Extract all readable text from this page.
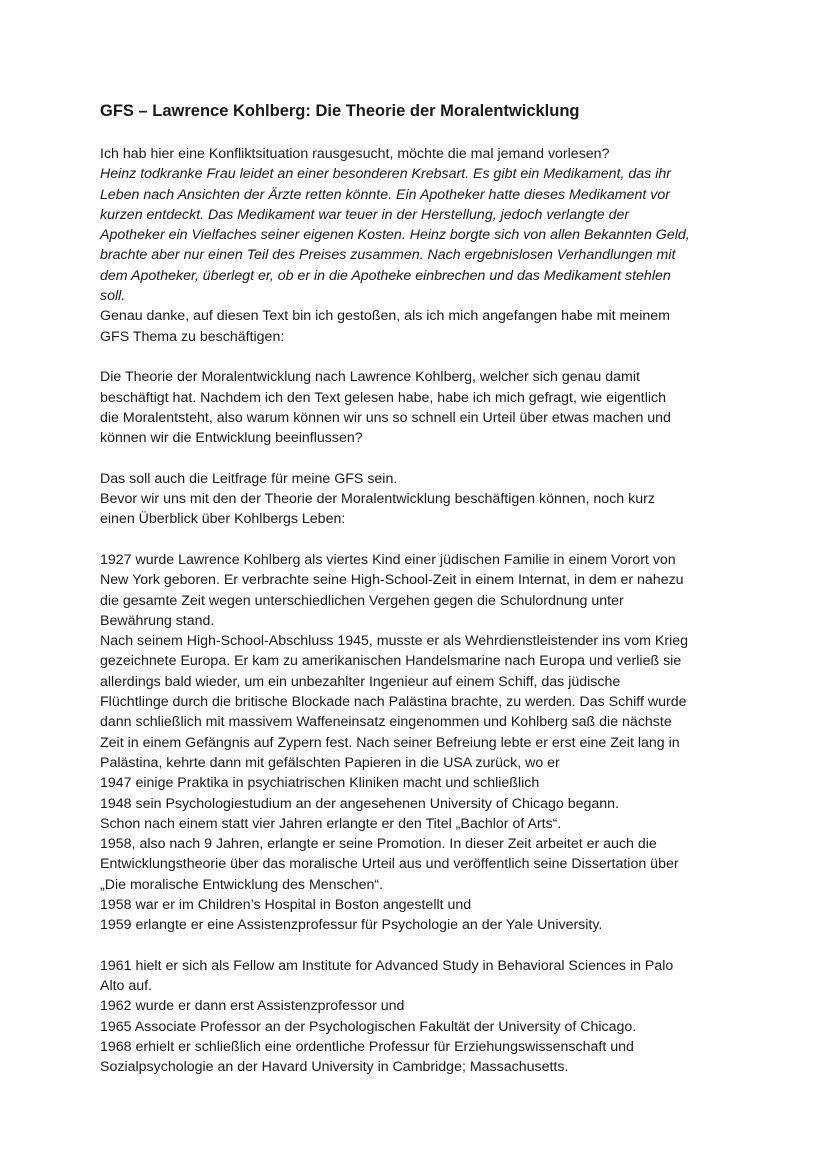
GFS – Lawrence Kohlberg: Die Theorie der Moralentwicklung
Ich hab hier eine Konfliktsituation rausgesucht, möchte die mal jemand vorlesen?
Heinz todkranke Frau leidet an einer besonderen Krebsart. Es gibt ein Medikament, das ihr
Leben nach Ansichten der Ärzte retten könnte. Ein Apotheker hatte dieses Medikament vor
kurzen entdeckt. Das Medikament war teuer in der Herstellung, jedoch verlangte der
Apotheker ein Vielfaches seiner eigenen Kosten. Heinz borgte sich von allen Bekannten Geld,
brachte aber nur einen Teil des Preises zusammen. Nach ergebnislosen Verhandlungen mit
dem Apotheker, überlegt er, ob er in die Apotheke einbrechen und das Medikament stehlen
soll.
Genau danke, auf diesen Text bin ich gestoßen, als ich mich angefangen habe mit meinem
GFS Thema zu beschäftigen:
Die Theorie der Moralentwicklung nach Lawrence Kohlberg, welcher sich genau damit
beschäftigt hat. Nachdem ich den Text gelesen habe, habe ich mich gefragt, wie eigentlich
die Moralentsteht, also warum können wir uns so schnell ein Urteil über etwas machen und
können wir die Entwicklung beeinflussen?
Das soll auch die Leitfrage für meine GFS sein.
Bevor wir uns mit den der Theorie der Moralentwicklung beschäftigen können, noch kurz
einen Überblick über Kohlbergs Leben:
1927 wurde Lawrence Kohlberg als viertes Kind einer jüdischen Familie in einem Vorort von
New York geboren. Er verbrachte seine High-School-Zeit in einem Internat, in dem er nahezu
die gesamte Zeit wegen unterschiedlichen Vergehen gegen die Schulordnung unter
Bewährung stand.
Nach seinem High-School-Abschluss 1945, musste er als Wehrdienstleistender ins vom Krieg
gezeichnete Europa. Er kam zu amerikanischen Handelsmarine nach Europa und verließ sie
allerdings bald wieder, um ein unbezahlter Ingenieur auf einem Schiff, das jüdische
Flüchtlinge durch die britische Blockade nach Palästina brachte, zu werden. Das Schiff wurde
dann schließlich mit massivem Waffeneinsatz eingenommen und Kohlberg saß die nächste
Zeit in einem Gefängnis auf Zypern fest. Nach seiner Befreiung lebte er erst eine Zeit lang in
Palästina, kehrte dann mit gefälschten Papieren in die USA zurück, wo er
1947 einige Praktika in psychiatrischen Kliniken macht und schließlich
1948 sein Psychologiestudium an der angesehenen University of Chicago begann.
Schon nach einem statt vier Jahren erlangte er den Titel „Bachlor of Arts“.
1958, also nach 9 Jahren, erlangte er seine Promotion. In dieser Zeit arbeitet er auch die
Entwicklungstheorie über das moralische Urteil aus und veröffentlich seine Dissertation über
„Die moralische Entwicklung des Menschen“.
1958 war er im Children’s Hospital in Boston angestellt und
1959 erlangte er eine Assistenzprofessur für Psychologie an der Yale University.
1961 hielt er sich als Fellow am Institute for Advanced Study in Behavioral Sciences in Palo
Alto auf.
1962 wurde er dann erst Assistenzprofessor und
1965 Associate Professor an der Psychologischen Fakultät der University of Chicago.
1968 erhielt er schließlich eine ordentliche Professur für Erziehungswissenschaft und
Sozialpsychologie an der Havard University in Cambridge; Massachusetts.
